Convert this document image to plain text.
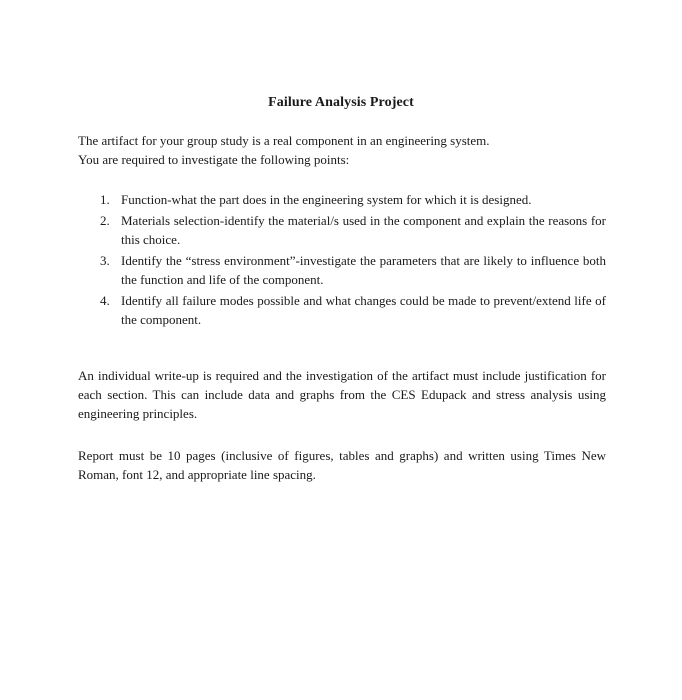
Failure Analysis Project

The artifact for your group study is a real component in an engineering system.

You are required to investigate the following points:

1. Function-what the part does in the engineering system for which it is designed.
2. Materials selection-identify the material/s used in the component and explain the reasons for this choice.
3. Identify the “stress environment”-investigate the parameters that are likely to influence both the function and life of the component.
4. Identify all failure modes possible and what changes could be made to prevent/extend life of the component.

An individual write-up is required and the investigation of the artifact must include justification for each section. This can include data and graphs from the CES Edupack and stress analysis using engineering principles.

Report must be 10 pages (inclusive of figures, tables and graphs) and written using Times New Roman, font 12, and appropriate line spacing.
